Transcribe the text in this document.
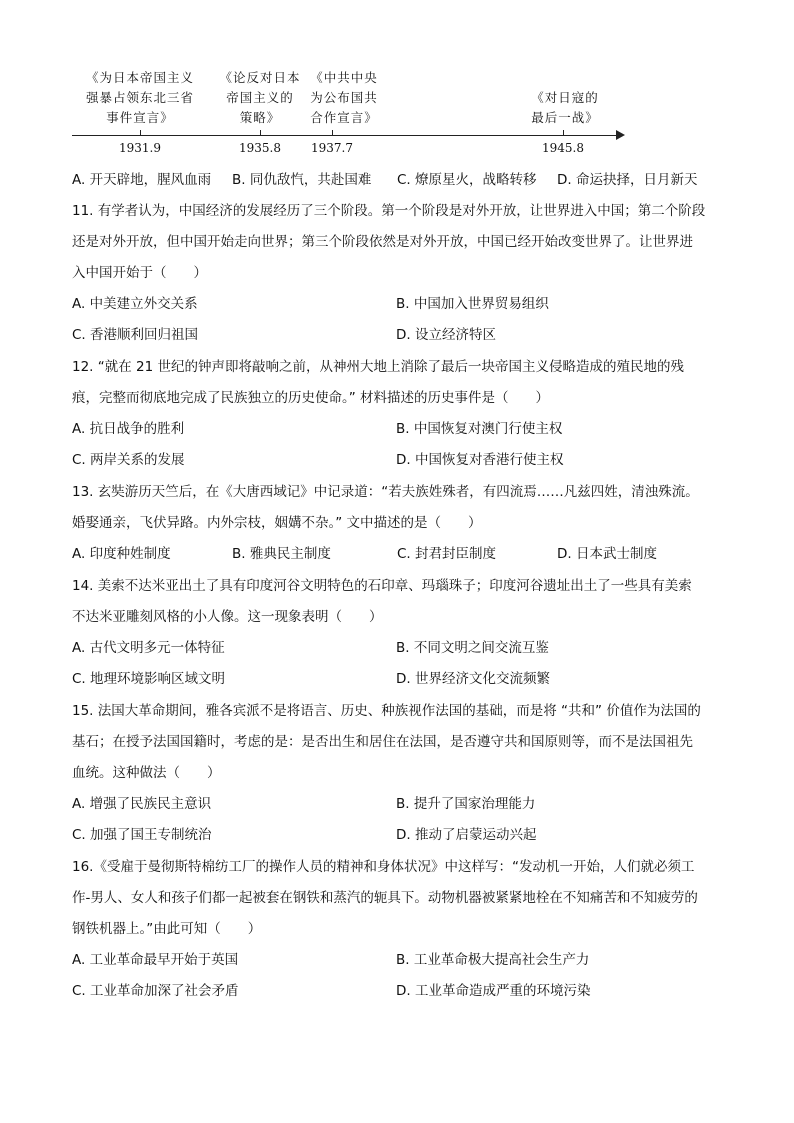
《为日本帝国主义
强暴占领东北三省
事件宣言》
《论反对日本
帝国主义的
策略》
《中共中央
为公布国共
合作宣言》
《对日寇的
最后一战》
1931.9	1935.8	1937.7	1945.8
A. 开天辟地，腥风血雨 B. 同仇敌忾，共赴国难 C. 燎原星火，战略转移 D. 命运抉择，日月新天
11. 有学者认为，中国经济的发展经历了三个阶段。第一个阶段是对外开放，让世界进入中国；第二个阶段
还是对外开放，但中国开始走向世界；第三个阶段依然是对外开放，中国已经开始改变世界了。让世界进
入中国开始于（　　）
A. 中美建立外交关系	B. 中国加入世界贸易组织
C. 香港顺利回归祖国	D. 设立经济特区
12. “就在 21 世纪的钟声即将敲响之前，从神州大地上消除了最后一块帝国主义侵略造成的殖民地的残
痕，完整而彻底地完成了民族独立的历史使命。” 材料描述的历史事件是（　　）
A. 抗日战争的胜利	B. 中国恢复对澳门行使主权
C. 两岸关系的发展	D. 中国恢复对香港行使主权
13. 玄奘游历天竺后，在《大唐西域记》中记录道：“若夫族姓殊者，有四流焉……凡兹四姓，清浊殊流。
婚娶通亲，飞伏异路。内外宗枝，姻媾不杂。” 文中描述的是（　　）
A. 印度种姓制度	B. 雅典民主制度	C. 封君封臣制度	D. 日本武士制度
14. 美索不达米亚出土了具有印度河谷文明特色的石印章、玛瑙珠子；印度河谷遗址出土了一些具有美索
不达米亚雕刻风格的小人像。这一现象表明（　　）
A. 古代文明多元一体特征	B. 不同文明之间交流互鉴
C. 地理环境影响区域文明	D. 世界经济文化交流频繁
15. 法国大革命期间，雅各宾派不是将语言、历史、种族视作法国的基础，而是将 “共和” 价值作为法国的
基石；在授予法国国籍时，考虑的是：是否出生和居住在法国，是否遵守共和国原则等，而不是法国祖先
血统。这种做法（　　）
A. 增强了民族民主意识	B. 提升了国家治理能力
C. 加强了国王专制统治	D. 推动了启蒙运动兴起
16.《受雇于曼彻斯特棉纺工厂的操作人员的精神和身体状况》中这样写：“发动机一开始，人们就必须工
作-男人、女人和孩子们都一起被套在钢铁和蒸汽的轭具下。动物机器被紧紧地栓在不知痛苦和不知疲劳的
钢铁机器上。”由此可知（　　）
A. 工业革命最早开始于英国	B. 工业革命极大提高社会生产力
C. 工业革命加深了社会矛盾	D. 工业革命造成严重的环境污染
